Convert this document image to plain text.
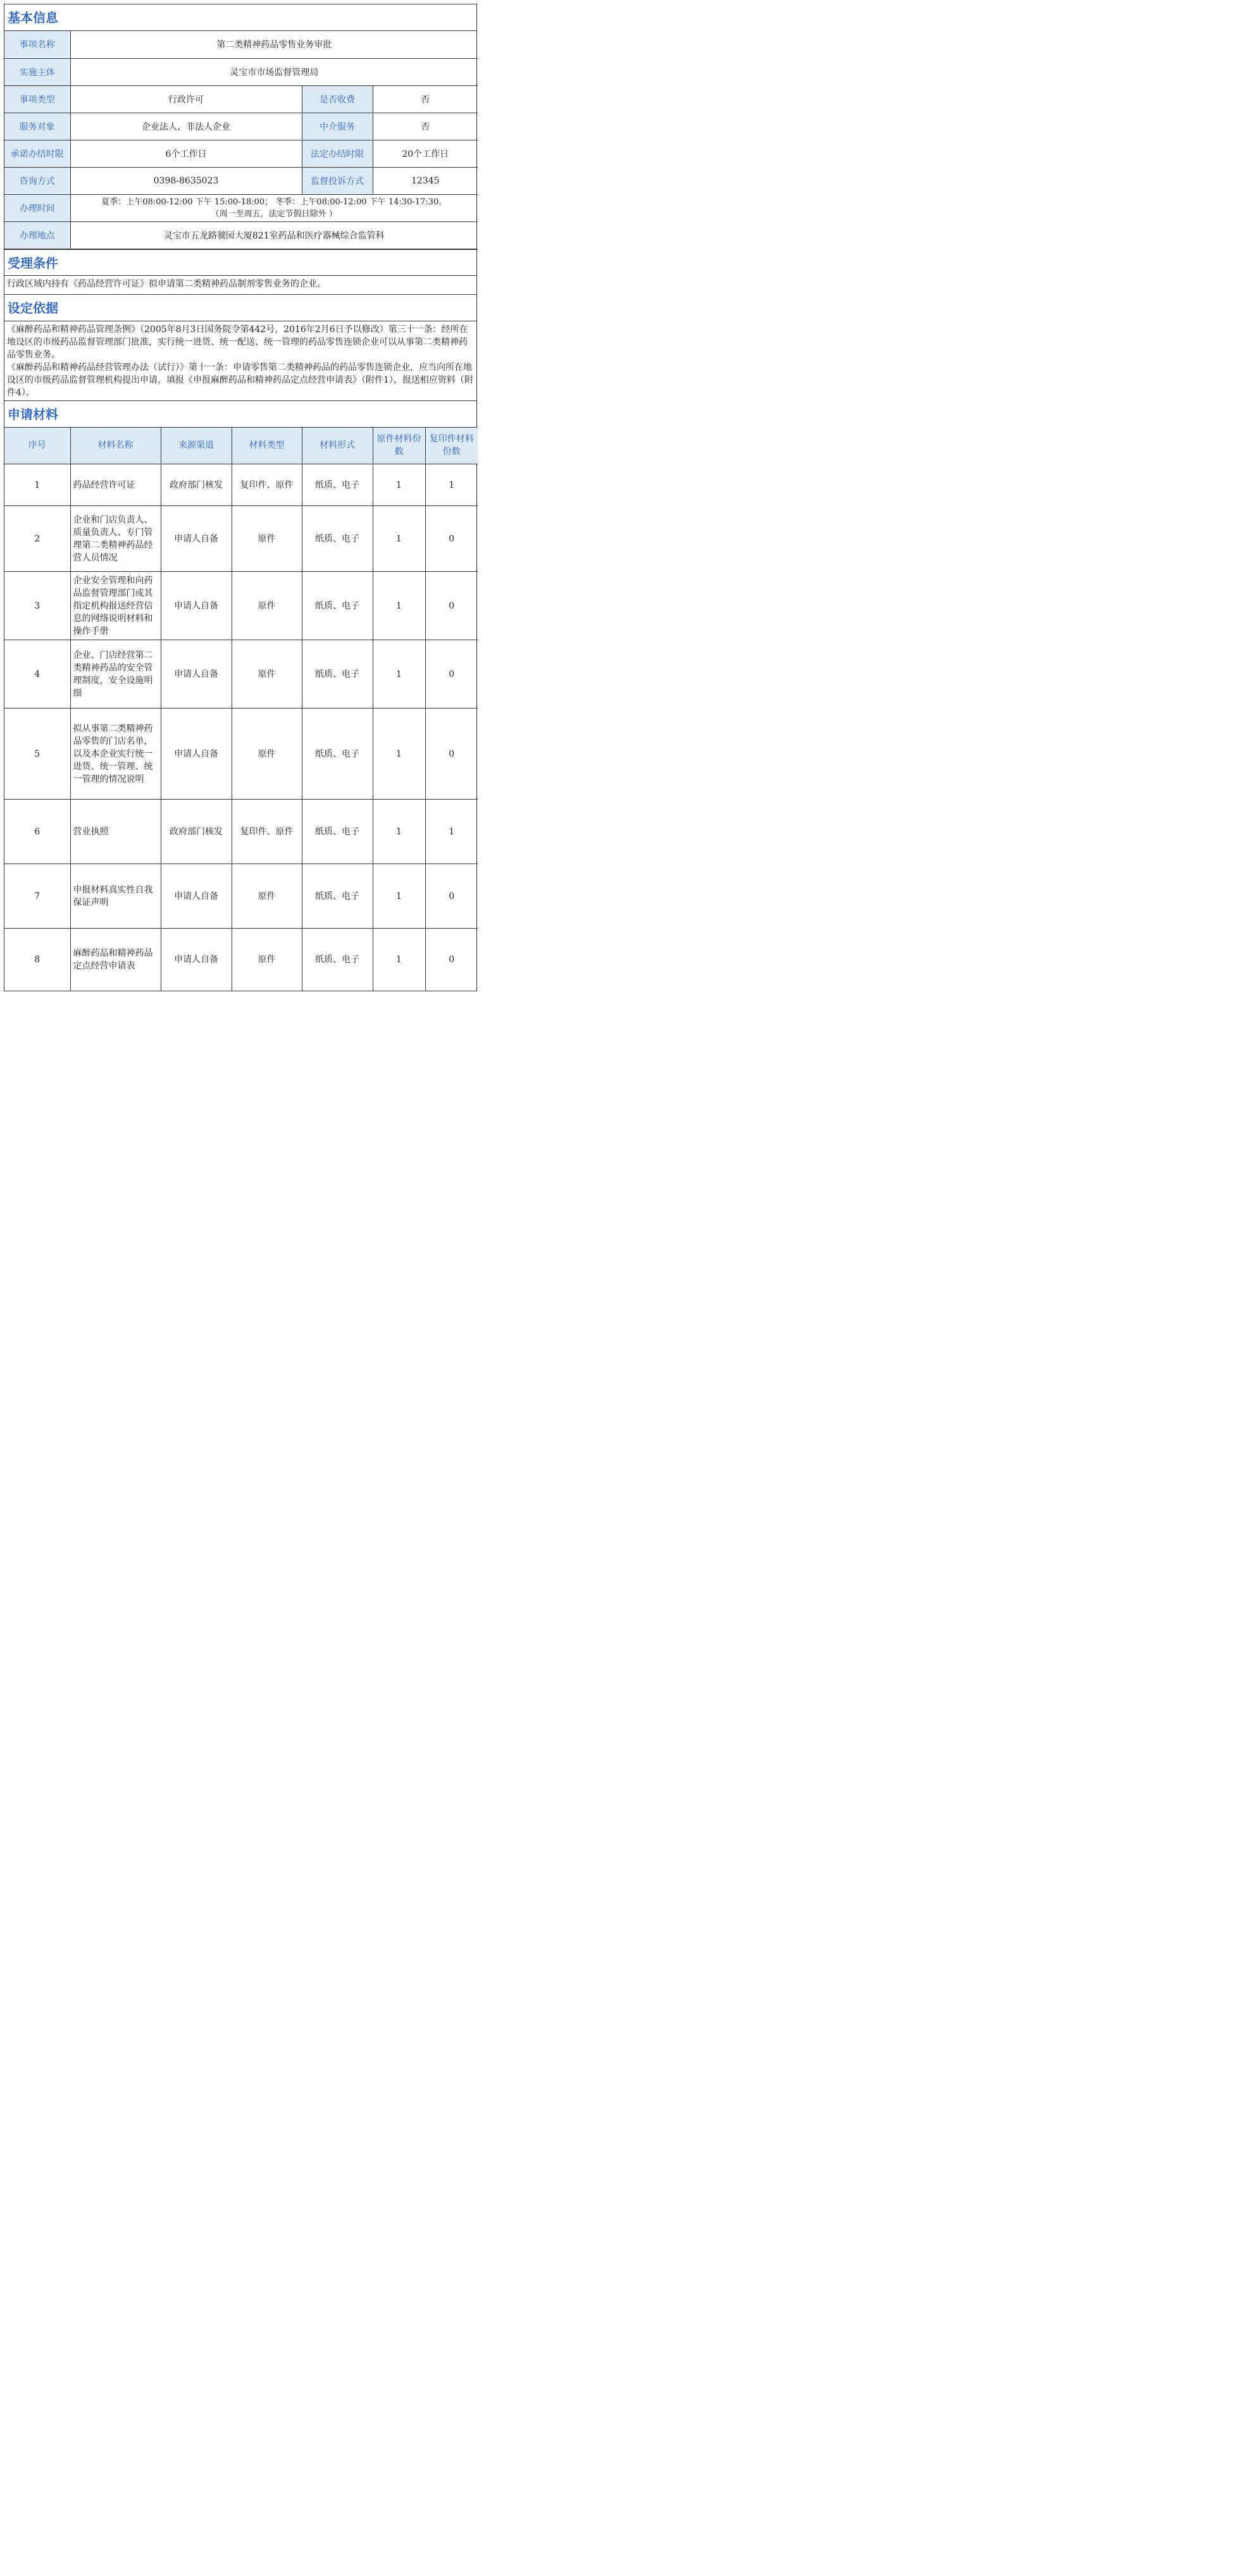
基本信息
事项名称	第二类精神药品零售业务审批		
实施主体	灵宝市市场监督管理局		
事项类型	行政许可	是否收费	否
服务对象	企业法人、非法人企业	中介服务	否
承诺办结时限	6个工作日	法定办结时限	20个工作日
咨询方式	0398-8635023	监督投诉方式	12345
办理时间	夏季：上午08:00-12:00 下午 15:00-18:00； 冬季：上午08:00-12:00 下午 14:30-17:30。
（周一至周五，法定节假日除外 ）		

办理地点	灵宝市五龙路虢园大厦821室药品和医疗器械综合监管科		
受理条件
行政区域内持有《药品经营许可证》拟申请第二类精神药品制剂零售业务的企业。
设定依据

《麻醉药品和精神药品管理条例》（2005年8月3日国务院令第442号，2016年2月6日予以修改）第三十一条：经所在地设区的市级药品监督管理部门批准，实行统一进货、统一配送、统一管理的药品零售连锁企业可以从事第二类精神药品零售业务。

《麻醉药品和精神药品经营管理办法（试行）》第十一条：申请零售第二类精神药品的药品零售连锁企业，应当向所在地设区的市级药品监督管理机构提出申请，填报《申报麻醉药品和精神药品定点经营申请表》（附件1），报送相应资料（附件4）。

申请材料
序号	材料名称	来源渠道	材料类型	材料形式	原件材料份数	复印件材料份数
1	药品经营许可证	政府部门核发	复印件、原件	纸质、电子	1	1
2	企业和门店负责人、质量负责人、专门管理第二类精神药品经营人员情况	申请人自备	原件	纸质、电子	1	0
3	企业安全管理和向药品监督管理部门或其指定机构报送经营信息的网络说明材料和操作手册	申请人自备	原件	纸质、电子	1	0
4	企业、门店经营第二类精神药品的安全管理制度，安全设施明细	申请人自备	原件	纸质、电子	1	0
5	拟从事第二类精神药品零售的门店名单，以及本企业实行统一进货、统一管理、统一管理的情况说明	申请人自备	原件	纸质、电子	1	0
6	营业执照	政府部门核发	复印件、原件	纸质、电子	1	1
7	申报材料真实性自我保证声明	申请人自备	原件	纸质、电子	1	0
8	麻醉药品和精神药品定点经营申请表	申请人自备	原件	纸质、电子	1	0
